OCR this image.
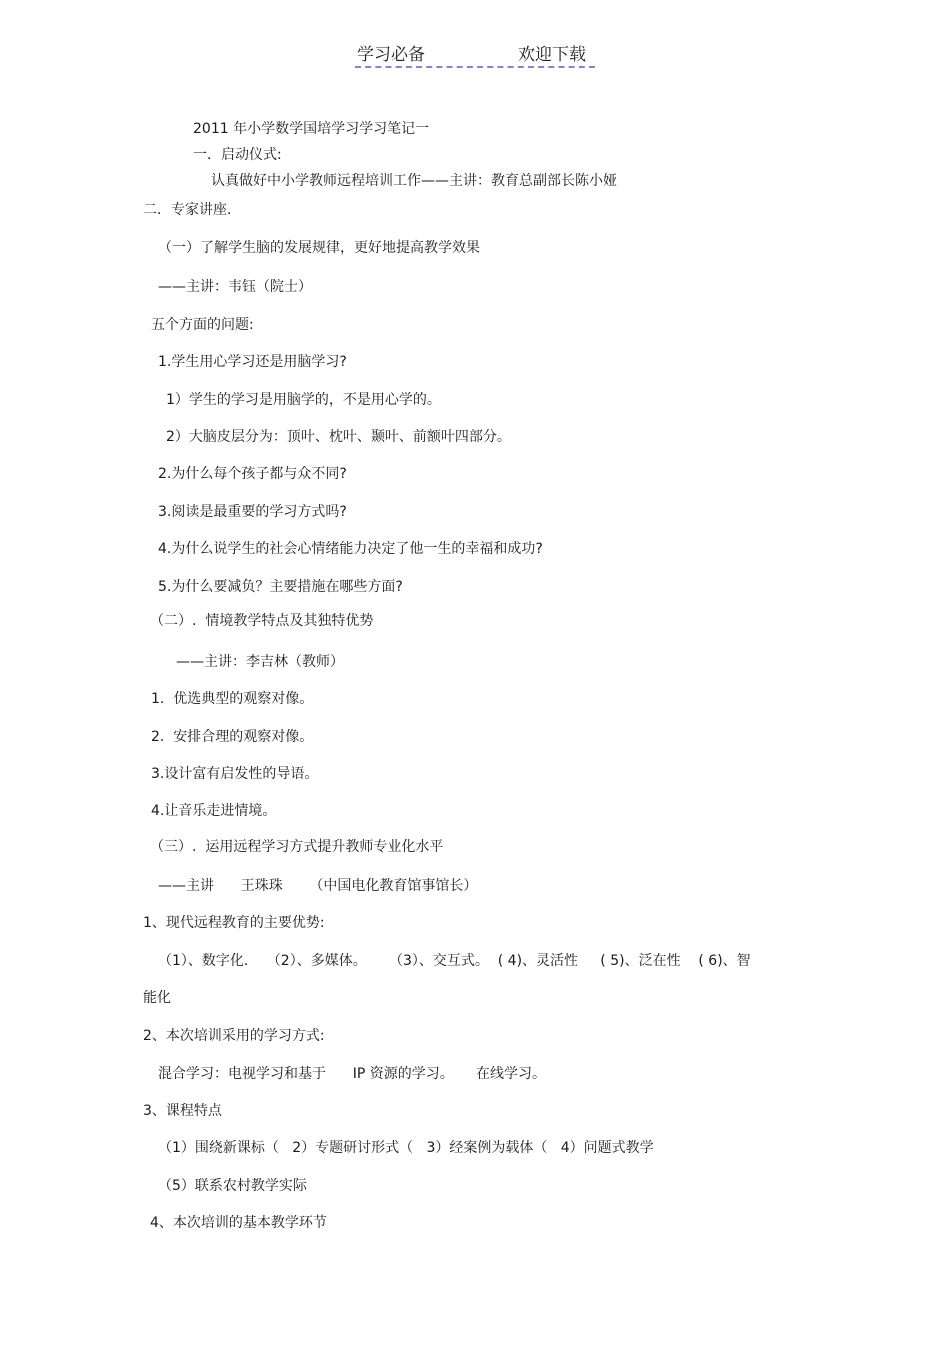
学习必备	欢迎下载
2011 年小学数学国培学习学习笔记一
一．启动仪式:
认真做好中小学教师远程培训工作——主讲：教育总副部长陈小娅
二．专家讲座.
（一）了解学生脑的发展规律，更好地提高教学效果
——主讲：韦钰（院士）
五个方面的问题:
1.学生用心学习还是用脑学习?
1）学生的学习是用脑学的，不是用心学的。
2）大脑皮层分为：顶叶、枕叶、颞叶、前额叶四部分。
2.为什么每个孩子都与众不同?
3.阅读是最重要的学习方式吗?
4.为什么说学生的社会心情绪能力决定了他一生的幸福和成功?
5.为什么要减负？主要措施在哪些方面?
（二）.  情境教学特点及其独特优势
——主讲：李吉林（教师）
1.  优选典型的观察对像。
2.  安排合理的观察对像。
3.设计富有启发性的导语。
4.让音乐走进情境。
（三）.  运用远程学习方式提升教师专业化水平
——主讲      王珠珠      （中国电化教育馆事馆长）
1、现代远程教育的主要优势:
（1）、数字化．  （2）、多媒体。     （3）、交互式。  ( 4)、灵活性     ( 5)、泛在性    ( 6)、智
能化
2、本次培训采用的学习方式:
混合学习：电视学习和基于      IP 资源的学习。     在线学习。
3、课程特点
（1）围绕新课标（   2）专题研讨形式（   3）经案例为载体（   4）问题式教学
（5）联系农村教学实际
4、本次培训的基本教学环节
